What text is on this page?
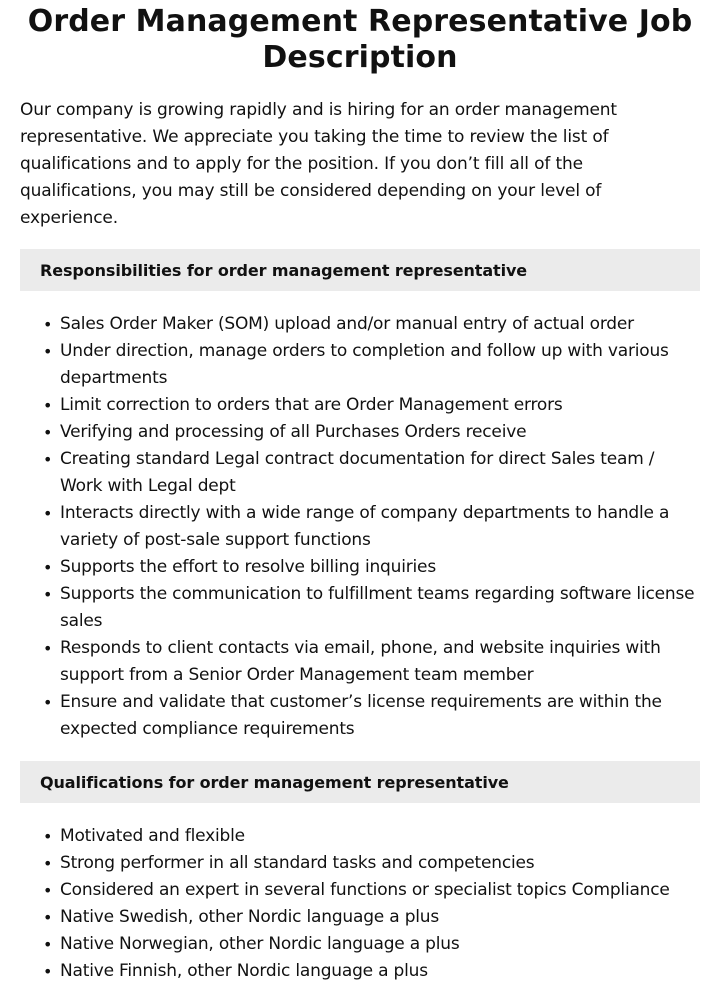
Order Management Representative Job Description

Our company is growing rapidly and is hiring for an order management representative. We appreciate you taking the time to review the list of qualifications and to apply for the position. If you don’t fill all of the qualifications, you may still be considered depending on your level of experience.

Responsibilities for order management representative
• Sales Order Maker (SOM) upload and/or manual entry of actual order
• Under direction, manage orders to completion and follow up with various departments
• Limit correction to orders that are Order Management errors
• Verifying and processing of all Purchases Orders receive
• Creating standard Legal contract documentation for direct Sales team / Work with Legal dept
• Interacts directly with a wide range of company departments to handle a variety of post-sale support functions
• Supports the effort to resolve billing inquiries
• Supports the communication to fulfillment teams regarding software license sales
• Responds to client contacts via email, phone, and website inquiries with support from a Senior Order Management team member
• Ensure and validate that customer’s license requirements are within the expected compliance requirements
Qualifications for order management representative
• Motivated and flexible
• Strong performer in all standard tasks and competencies
• Considered an expert in several functions or specialist topics Compliance
• Native Swedish, other Nordic language a plus
• Native Norwegian, other Nordic language a plus
• Native Finnish, other Nordic language a plus
